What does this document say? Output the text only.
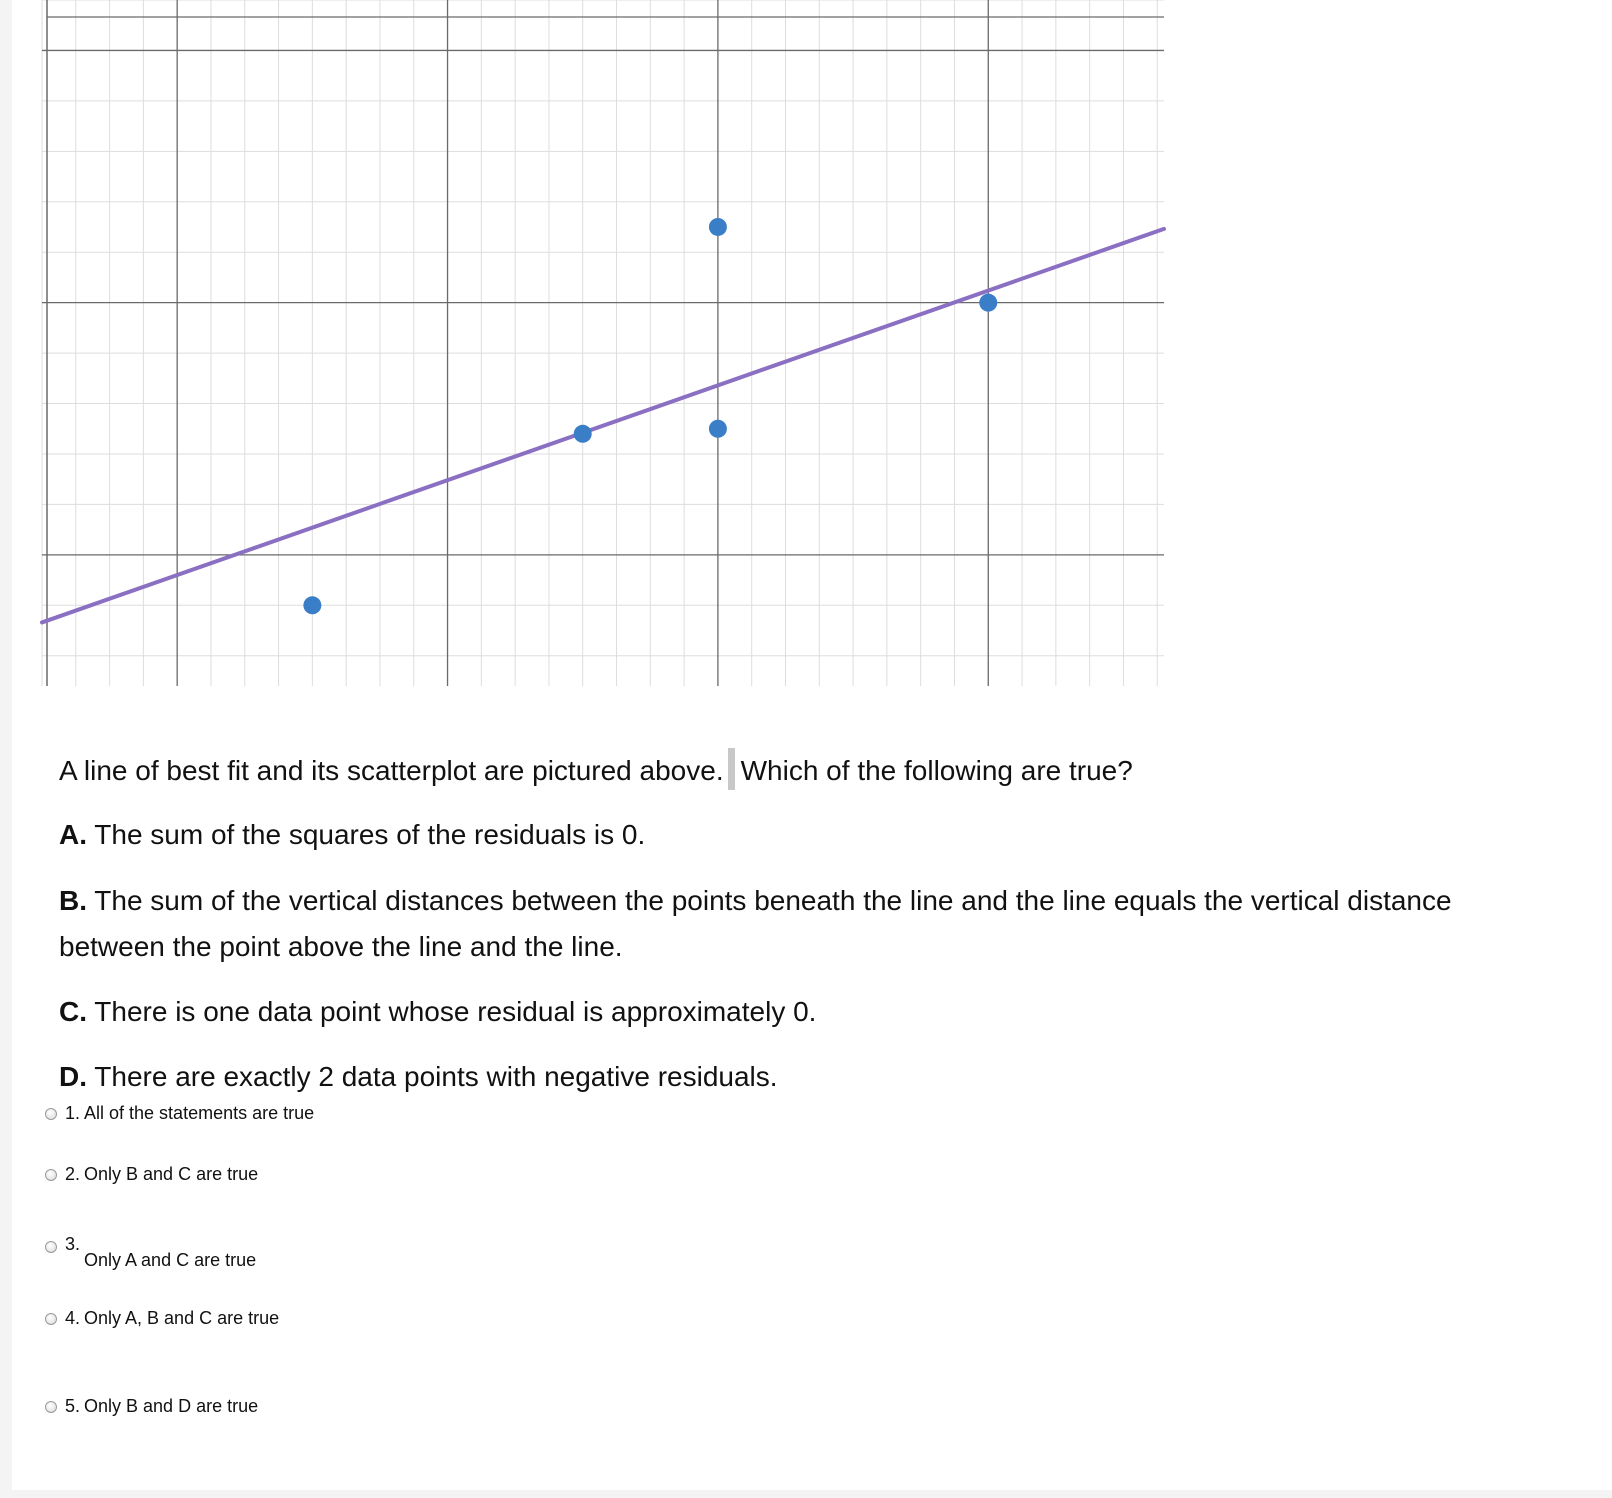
A line of best fit and its scatterplot are pictured above. Which of the following are true?
A. The sum of the squares of the residuals is 0.
B. The sum of the vertical distances between the points beneath the line and the line equals the vertical distance between the point above the line and the line.
C. There is one data point whose residual is approximately 0.
D. There are exactly 2 data points with negative residuals.
1. All of the statements are true
2. Only B and C are true
3.
Only A and C are true
4. Only A, B and C are true
5. Only B and D are true
